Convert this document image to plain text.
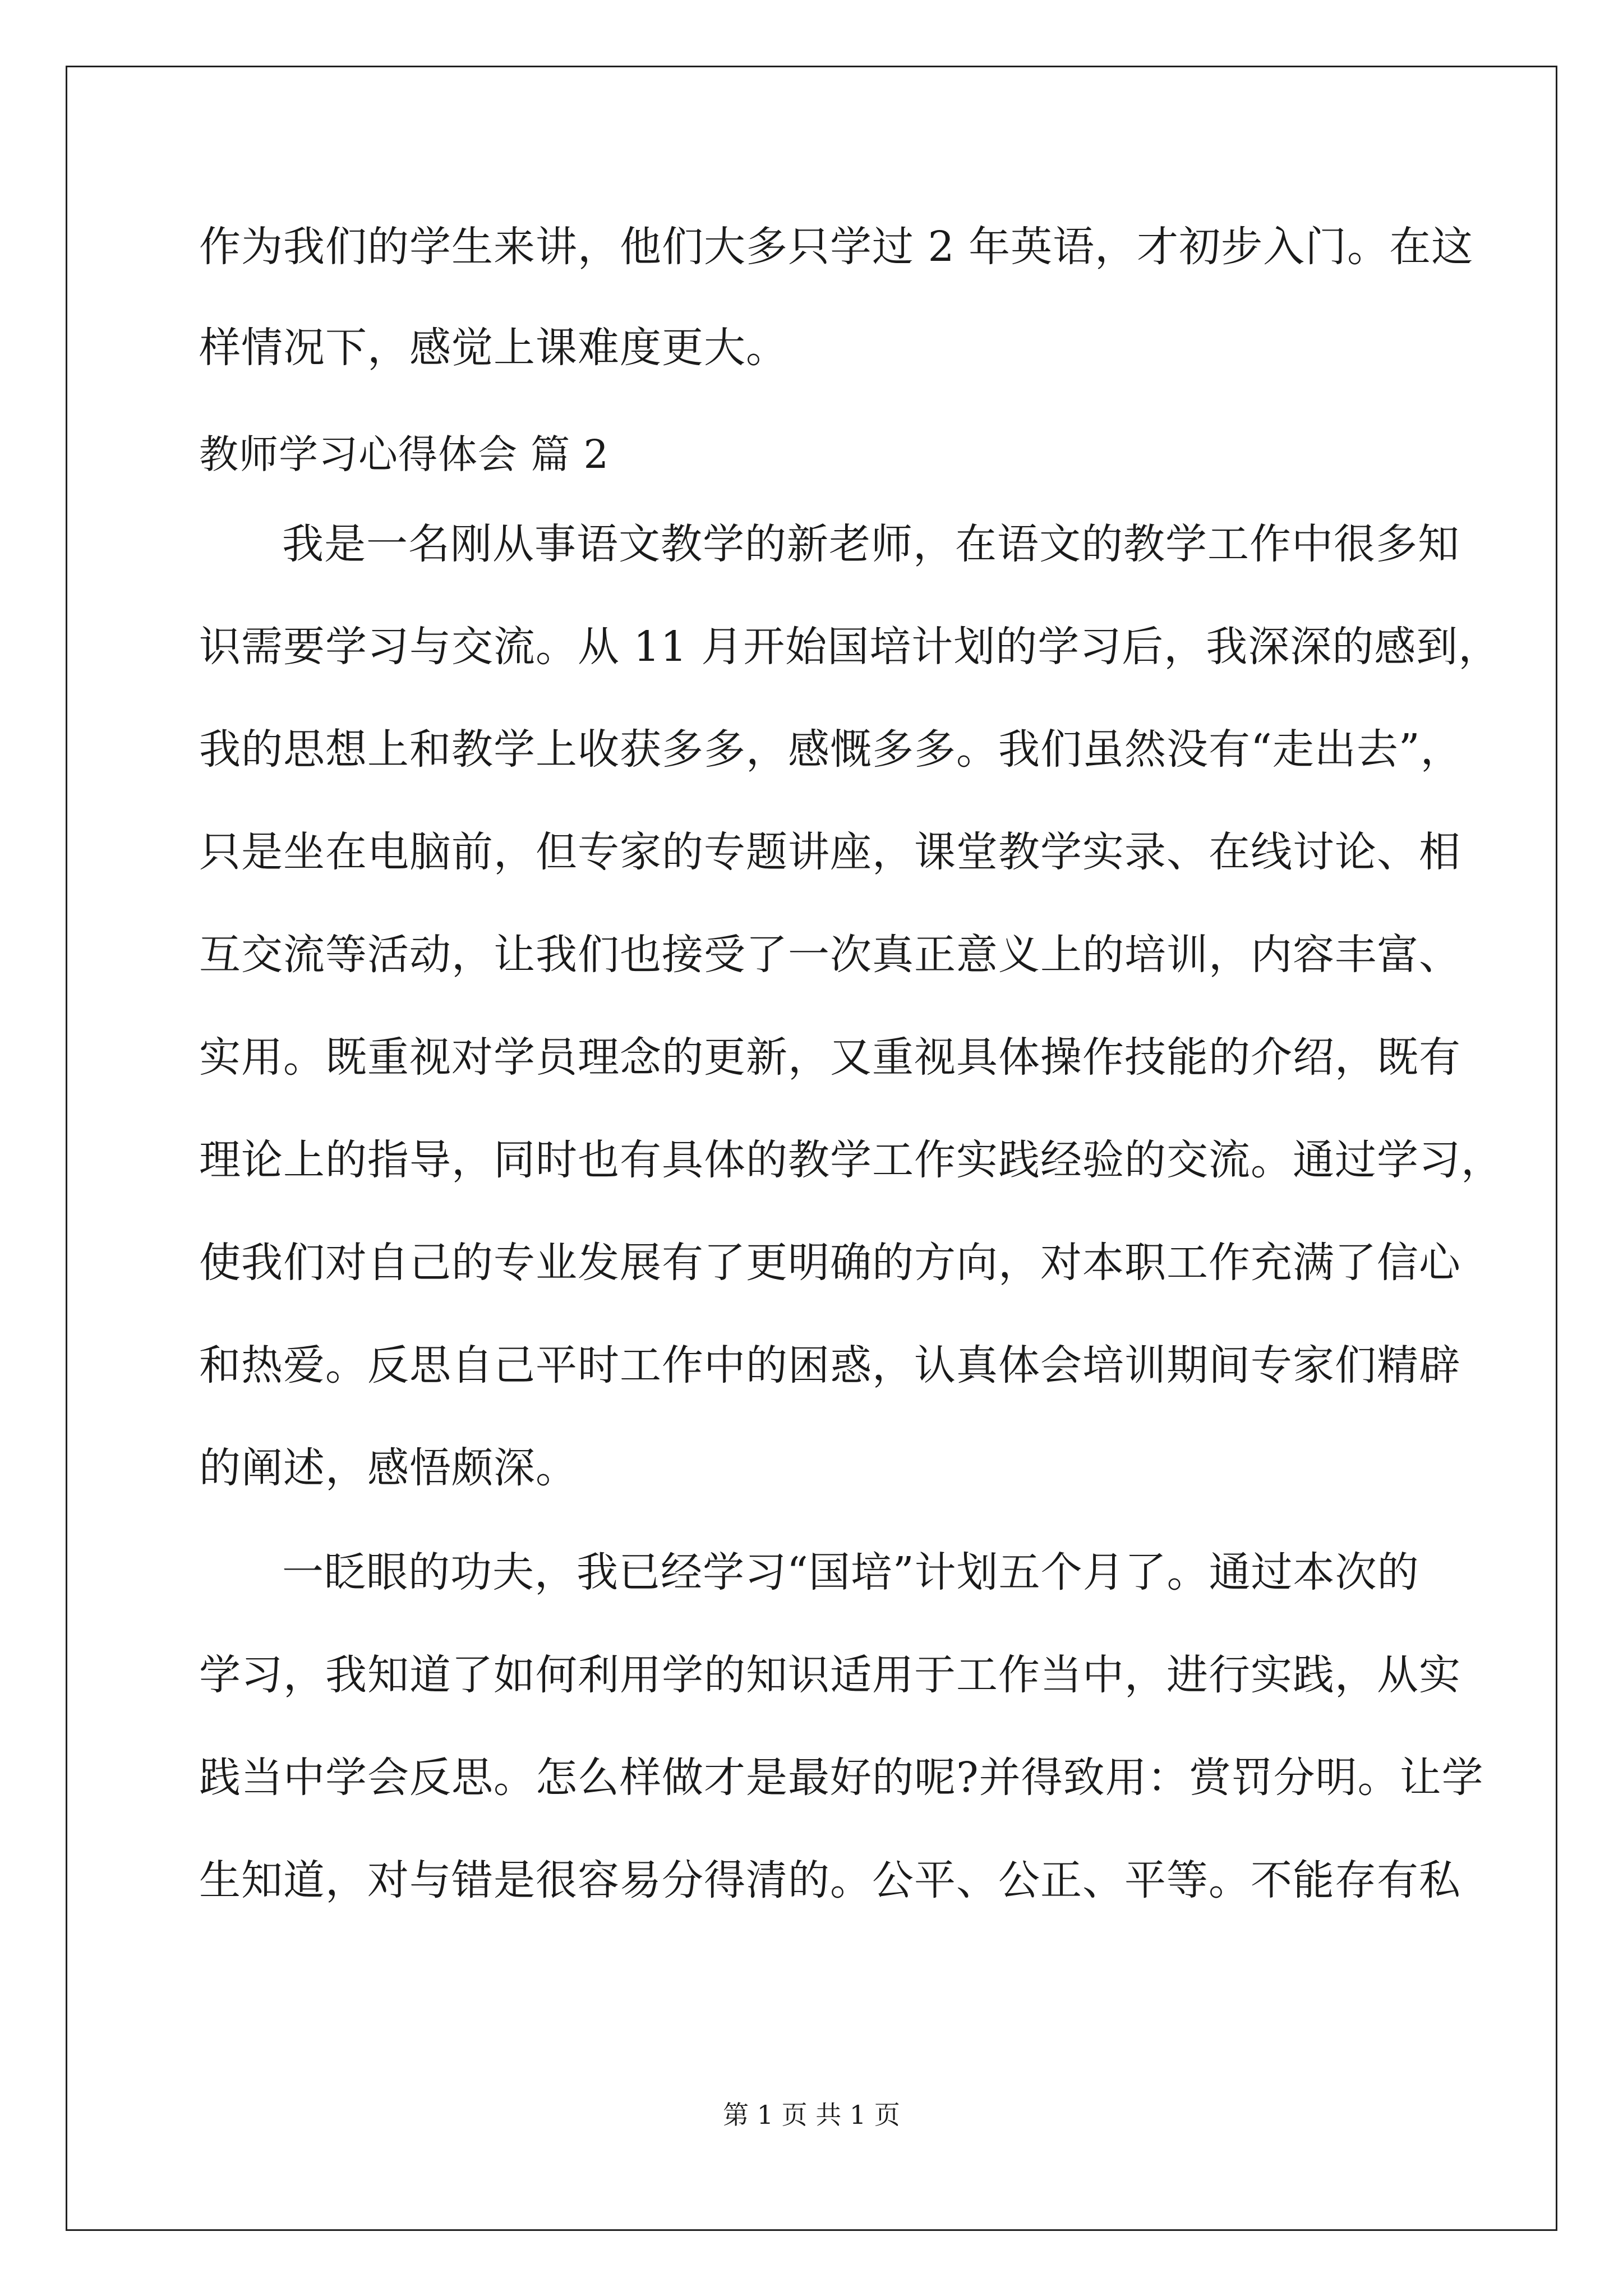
作为我们的学生来讲，他们大多只学过 2 年英语，才初步入门。在这
样情况下，感觉上课难度更大。
教师学习心得体会 篇 2
我是一名刚从事语文教学的新老师，在语文的教学工作中很多知
识需要学习与交流。从 11 月开始国培计划的学习后，我深深的感到，
我的思想上和教学上收获多多，感慨多多。我们虽然没有“走出去”，
只是坐在电脑前，但专家的专题讲座，课堂教学实录、在线讨论、相
互交流等活动，让我们也接受了一次真正意义上的培训，内容丰富、
实用。既重视对学员理念的更新，又重视具体操作技能的介绍，既有
理论上的指导，同时也有具体的教学工作实践经验的交流。通过学习，
使我们对自己的专业发展有了更明确的方向，对本职工作充满了信心
和热爱。反思自己平时工作中的困惑，认真体会培训期间专家们精辟
的阐述，感悟颇深。
一眨眼的功夫，我已经学习“国培”计划五个月了。通过本次的
学习，我知道了如何利用学的知识适用于工作当中，进行实践，从实
践当中学会反思。怎么样做才是最好的呢?并得致用：赏罚分明。让学
生知道，对与错是很容易分得清的。公平、公正、平等。不能存有私
第 1 页 共 1 页
